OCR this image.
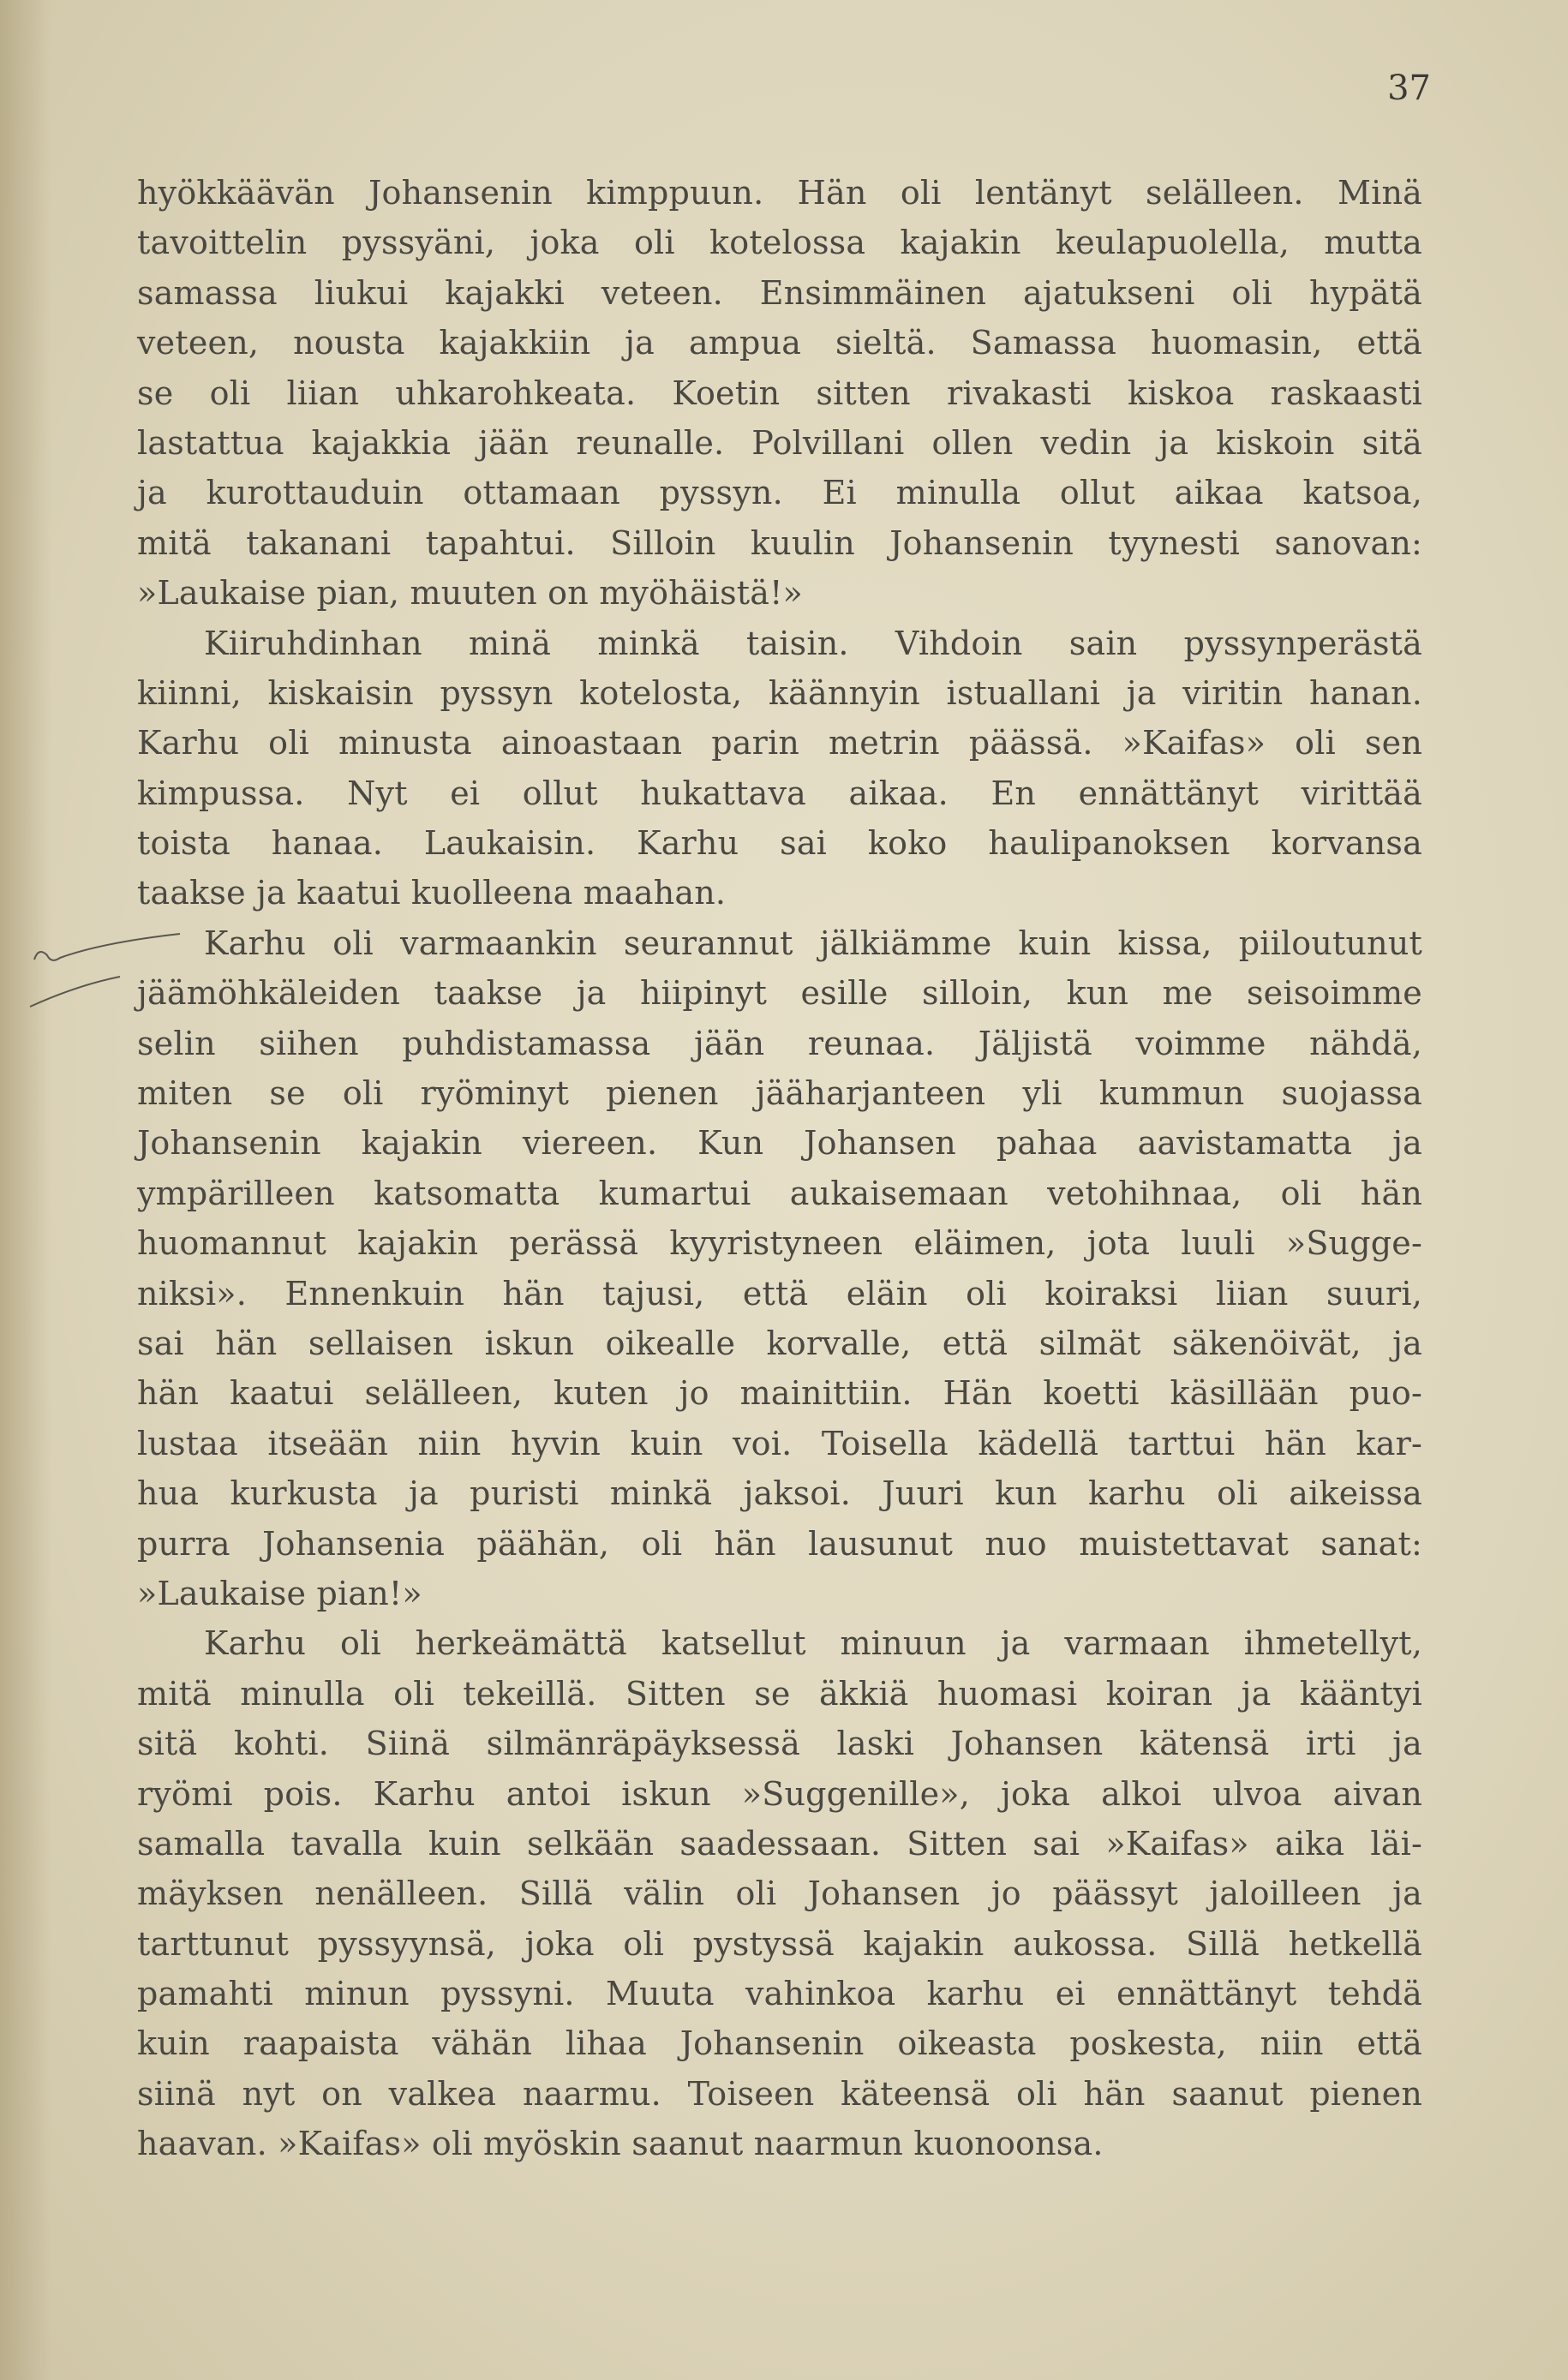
37
hyökkäävän Johansenin kimppuun. Hän oli lentänyt selälleen. Minä
tavoittelin pyssyäni, joka oli kotelossa kajakin keulapuolella, mutta
samassa liukui kajakki veteen. Ensimmäinen ajatukseni oli hypätä
veteen, nousta kajakkiin ja ampua sieltä. Samassa huomasin, että
se oli liian uhkarohkeata. Koetin sitten rivakasti kiskoa raskaasti
lastattua kajakkia jään reunalle. Polvillani ollen vedin ja kiskoin sitä
ja kurottauduin ottamaan pyssyn. Ei minulla ollut aikaa katsoa,
mitä takanani tapahtui. Silloin kuulin Johansenin tyynesti sanovan:
»Laukaise pian, muuten on myöhäistä!»
Kiiruhdinhan minä minkä taisin. Vihdoin sain pyssynperästä
kiinni, kiskaisin pyssyn kotelosta, käännyin istuallani ja viritin hanan.
Karhu oli minusta ainoastaan parin metrin päässä. »Kaifas» oli sen
kimpussa. Nyt ei ollut hukattava aikaa. En ennättänyt virittää
toista hanaa. Laukaisin. Karhu sai koko haulipanoksen korvansa
taakse ja kaatui kuolleena maahan.
Karhu oli varmaankin seurannut jälkiämme kuin kissa, piiloutunut
jäämöhkäleiden taakse ja hiipinyt esille silloin, kun me seisoimme
selin siihen puhdistamassa jään reunaa. Jäljistä voimme nähdä,
miten se oli ryöminyt pienen jääharjanteen yli kummun suojassa
Johansenin kajakin viereen. Kun Johansen pahaa aavistamatta ja
ympärilleen katsomatta kumartui aukaisemaan vetohihnaa, oli hän
huomannut kajakin perässä kyyristyneen eläimen, jota luuli »Sugge-
niksi». Ennenkuin hän tajusi, että eläin oli koiraksi liian suuri,
sai hän sellaisen iskun oikealle korvalle, että silmät säkenöivät, ja
hän kaatui selälleen, kuten jo mainittiin. Hän koetti käsillään puo-
lustaa itseään niin hyvin kuin voi. Toisella kädellä tarttui hän kar-
hua kurkusta ja puristi minkä jaksoi. Juuri kun karhu oli aikeissa
purra Johansenia päähän, oli hän lausunut nuo muistettavat sanat:
»Laukaise pian!»
Karhu oli herkeämättä katsellut minuun ja varmaan ihmetellyt,
mitä minulla oli tekeillä. Sitten se äkkiä huomasi koiran ja kääntyi
sitä kohti. Siinä silmänräpäyksessä laski Johansen kätensä irti ja
ryömi pois. Karhu antoi iskun »Suggenille», joka alkoi ulvoa aivan
samalla tavalla kuin selkään saadessaan. Sitten sai »Kaifas» aika läi-
mäyksen nenälleen. Sillä välin oli Johansen jo päässyt jaloilleen ja
tarttunut pyssyynsä, joka oli pystyssä kajakin aukossa. Sillä hetkellä
pamahti minun pyssyni. Muuta vahinkoa karhu ei ennättänyt tehdä
kuin raapaista vähän lihaa Johansenin oikeasta poskesta, niin että
siinä nyt on valkea naarmu. Toiseen käteensä oli hän saanut pienen
haavan. »Kaifas» oli myöskin saanut naarmun kuonoonsa.
